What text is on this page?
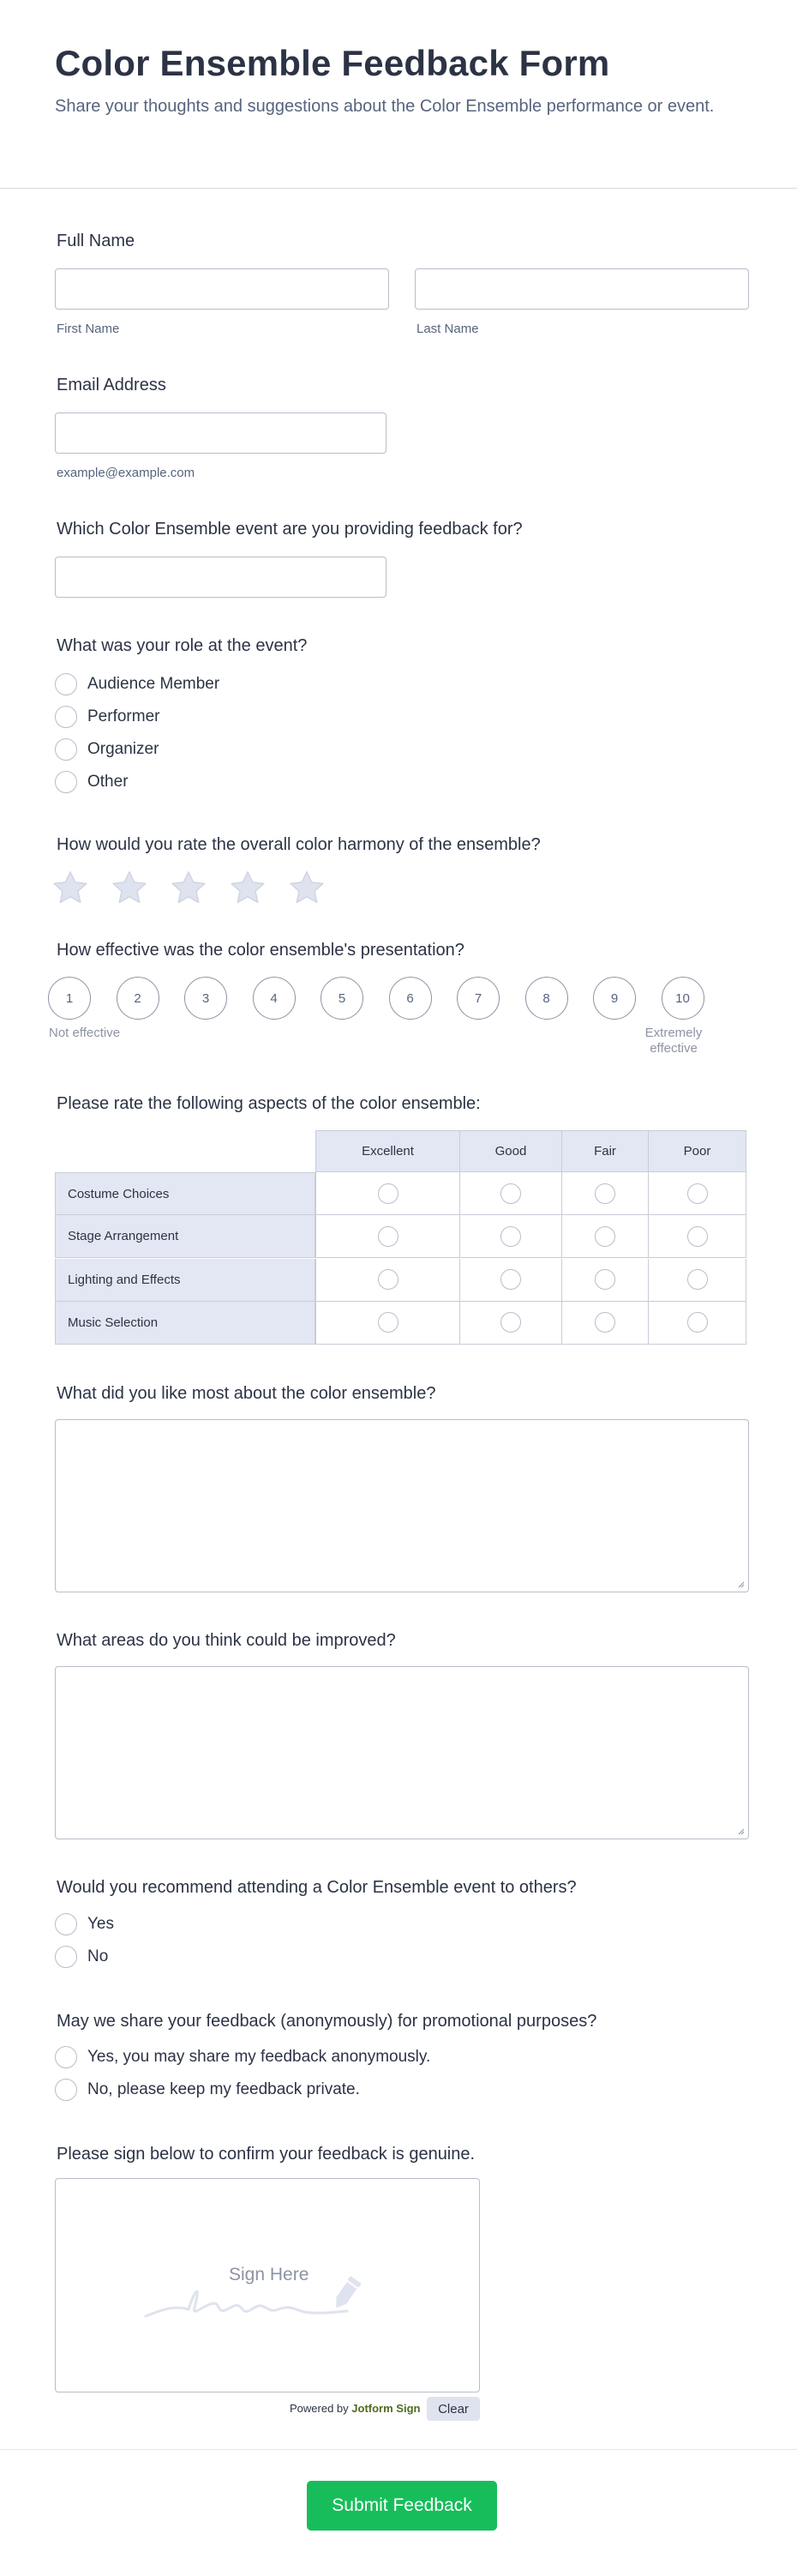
Color Ensemble Feedback Form

Share your thoughts and suggestions about the Color Ensemble performance or event.

Full Name
First Name	Last Name
Email Address
example@example.com
Which Color Ensemble event are you providing feedback for?
What was your role at the event?
Audience Member
Performer
Organizer
Other
How would you rate the overall color harmony of the ensemble?
How effective was the color ensemble's presentation?
1	2	3	4	5	6	7	8	9	10
Not effective	Extremely
effective
Please rate the following aspects of the color ensemble:
Excellent	Good	Fair	Poor
Costume Choices
Stage Arrangement
Lighting and Effects
Music Selection
What did you like most about the color ensemble?
What areas do you think could be improved?
Would you recommend attending a Color Ensemble event to others?
Yes
No
May we share your feedback (anonymously) for promotional purposes?
Yes, you may share my feedback anonymously.
No, please keep my feedback private.
Please sign below to confirm your feedback is genuine.
Sign Here
Powered by Jotform Sign	Clear
Submit Feedback
